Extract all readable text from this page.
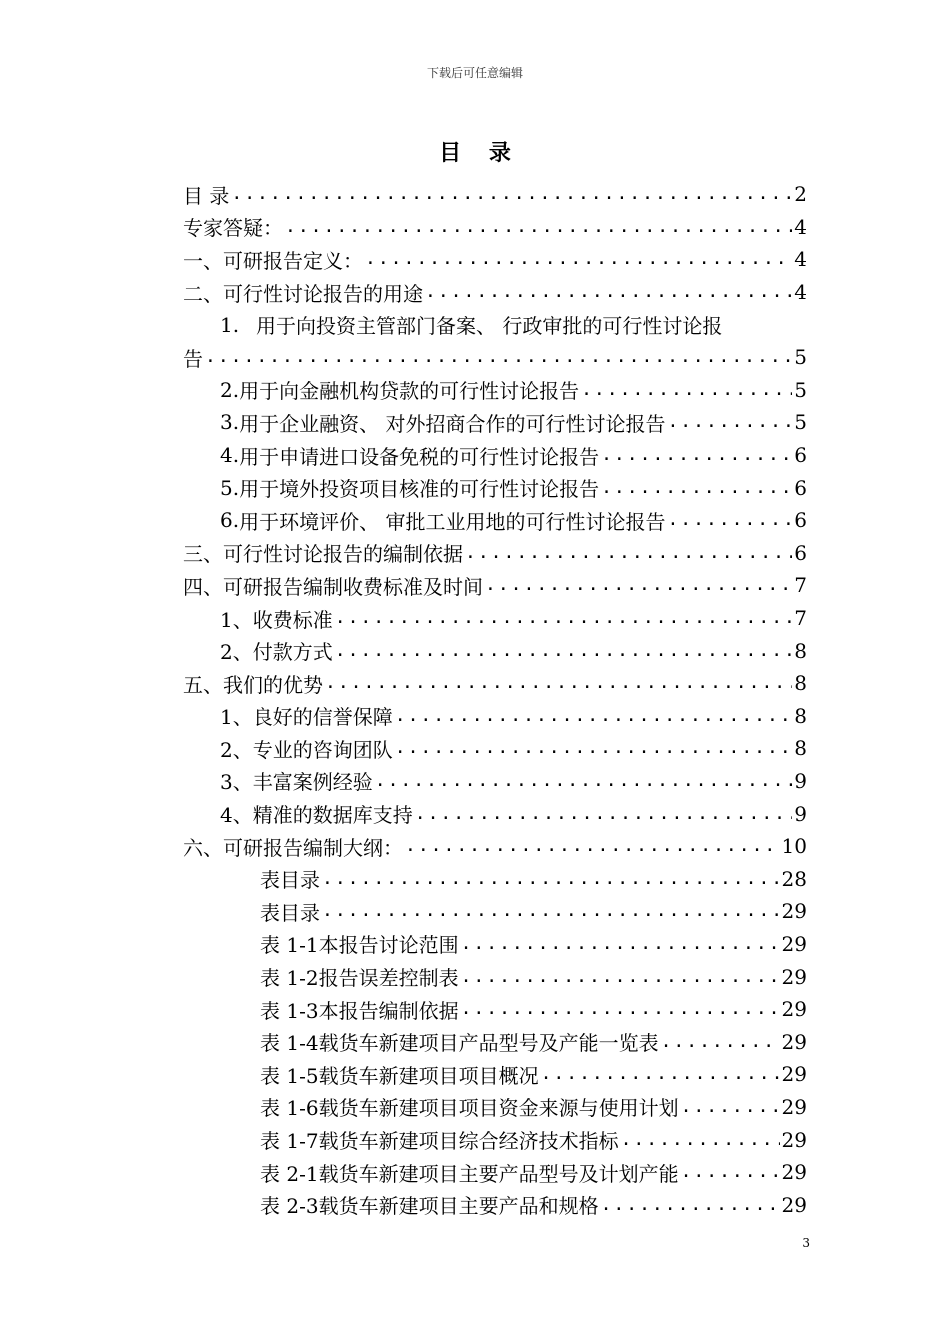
下载后可任意编辑
目 录
目 录 .....	2
专家答疑： .....	4
一、 可研报告定义： .....	4
二、 可行性讨论报告的用途 .....	4
1. 用于向投资主管部门备案、 行政审批的可行性讨论报
告 .....	5
2. 用于向金融机构贷款的可行性讨论报告 .....	5
3. 用于企业融资、 对外招商合作的可行性讨论报告 .....	5
4. 用于申请进口设备免税的可行性讨论报告 .....	6
5. 用于境外投资项目核准的可行性讨论报告 .....	6
6. 用于环境评价、 审批工业用地的可行性讨论报告 .....	6
三、 可行性讨论报告的编制依据 .....	6
四、 可研报告编制收费标准及时间 .....	7
1、 收费标准 .....	7
2、 付款方式 .....	8
五、 我们的优势 .....	8
1、 良好的信誉保障 .....	8
2、 专业的咨询团队 .....	8
3、 丰富案例经验 .....	9
4、 精准的数据库支持 .....	9
六、 可研报告编制大纲： .....	10
表目录 .....	28
表目录 .....	29
表 1-1 本报告讨论范围 .....	29
表 1-2 报告误差控制表 .....	29
表 1-3 本报告编制依据 .....	29
表 1-4 载货车新建项目产品型号及产能一览表 .....	29
表 1-5 载货车新建项目项目概况 .....	29
表 1-6 载货车新建项目项目资金来源与使用计划 .....	29
表 1-7 载货车新建项目综合经济技术指标 .....	29
表 2-1 载货车新建项目主要产品型号及计划产能 .....	29
表 2-3 载货车新建项目主要产品和规格 .....	29
3
